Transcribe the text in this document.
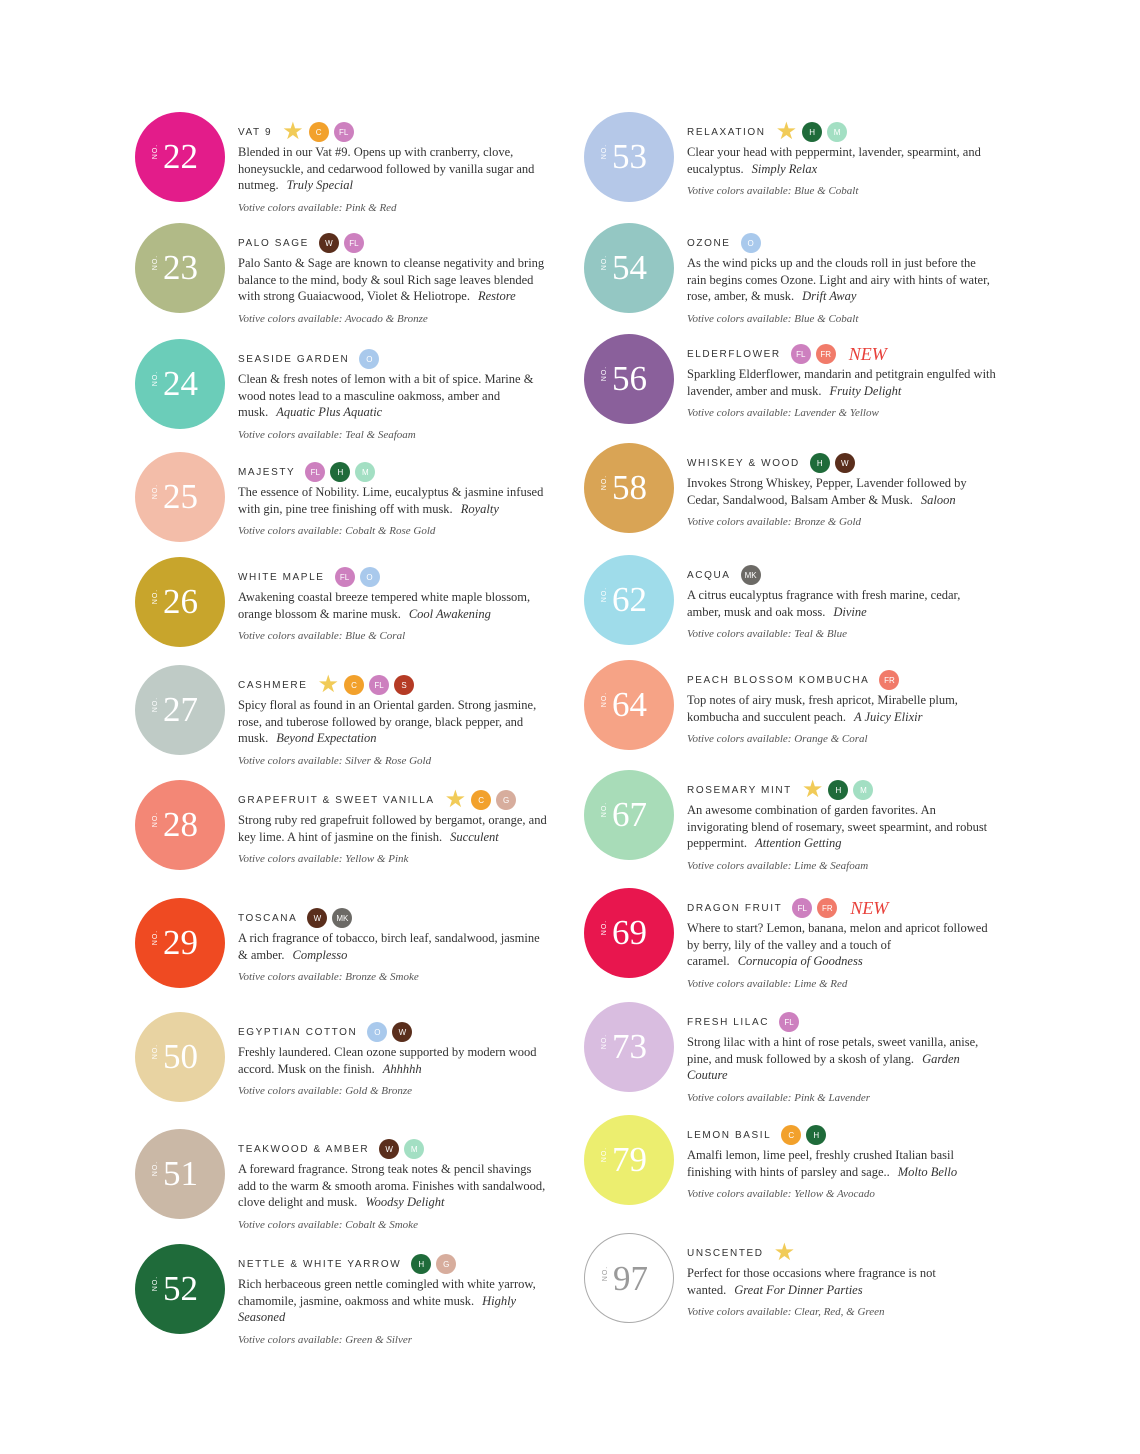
NO. 22
VAT 9 ★	C	FL
Blended in our Vat #9. Opens up with cranberry, clove, honeysuckle, and cedarwood followed by vanilla sugar and nutmeg. Truly Special
Votive colors available: Pink & Red
NO. 23
PALO SAGE	W	FL
Palo Santo & Sage are known to cleanse negativity and bring balance to the mind, body & soul Rich sage leaves blended with strong Guaiacwood, Violet & Heliotrope. Restore
Votive colors available: Avocado & Bronze
NO. 24
SEASIDE GARDEN	O
Clean & fresh notes of lemon with a bit of spice. Marine & wood notes lead to a masculine oakmoss, amber and musk. Aquatic Plus Aquatic
Votive colors available: Teal & Seafoam
NO. 25
MAJESTY	FL	H	M
The essence of Nobility. Lime, eucalyptus & jasmine infused with gin, pine tree finishing off with musk. Royalty
Votive colors available: Cobalt & Rose Gold
NO. 26
WHITE MAPLE	FL	O
Awakening coastal breeze tempered white maple blossom, orange blossom & marine musk. Cool Awakening
Votive colors available: Blue & Coral
NO. 27
CASHMERE ★	C	FL	S
Spicy floral as found in an Oriental garden. Strong jasmine, rose, and tuberose followed by orange, black pepper, and musk. Beyond Expectation
Votive colors available: Silver & Rose Gold
NO. 28
GRAPEFRUIT & SWEET VANILLA ★	C	G
Strong ruby red grapefruit followed by bergamot, orange, and key lime. A hint of jasmine on the finish. Succulent
Votive colors available: Yellow & Pink
NO. 29
TOSCANA	W	MK
A rich fragrance of tobacco, birch leaf, sandalwood, jasmine & amber. Complesso
Votive colors available: Bronze & Smoke
NO. 50
EGYPTIAN COTTON	O	W
Freshly laundered. Clean ozone supported by modern wood accord. Musk on the finish. Ahhhhh
Votive colors available: Gold & Bronze
NO. 51
TEAKWOOD & AMBER	W	M
A foreward fragrance. Strong teak notes & pencil shavings add to the warm & smooth aroma. Finishes with sandalwood, clove delight and musk. Woodsy Delight
Votive colors available: Cobalt & Smoke
NO. 52
NETTLE & WHITE YARROW	H	G
Rich herbaceous green nettle comingled with white yarrow, chamomile, jasmine, oakmoss and white musk. Highly Seasoned
Votive colors available: Green & Silver
NO. 53
RELAXATION ★	H	M
Clear your head with peppermint, lavender, spearmint, and eucalyptus. Simply Relax
Votive colors available: Blue & Cobalt
NO. 54
OZONE	O
As the wind picks up and the clouds roll in just before the rain begins comes Ozone. Light and airy with hints of water, rose, amber, & musk. Drift Away
Votive colors available: Blue & Cobalt
NO. 56
ELDERFLOWER	FL	FR NEW
Sparkling Elderflower, mandarin and petitgrain engulfed with lavender, amber and musk. Fruity Delight
Votive colors available: Lavender & Yellow
NO. 58
WHISKEY & WOOD	H	W
Invokes Strong Whiskey, Pepper, Lavender followed by Cedar, Sandalwood, Balsam Amber & Musk. Saloon
Votive colors available: Bronze & Gold
NO. 62
ACQUA	MK
A citrus eucalyptus fragrance with fresh marine, cedar, amber, musk and oak moss. Divine
Votive colors available: Teal & Blue
NO. 64
PEACH BLOSSOM KOMBUCHA	FR
Top notes of airy musk, fresh apricot, Mirabelle plum, kombucha and succulent peach. A Juicy Elixir
Votive colors available: Orange & Coral
NO. 67
ROSEMARY MINT ★	H	M
An awesome combination of garden favorites. An invigorating blend of rosemary, sweet spearmint, and robust peppermint. Attention Getting
Votive colors available: Lime & Seafoam
NO. 69
DRAGON FRUIT	FL	FR NEW
Where to start? Lemon, banana, melon and apricot followed by berry, lily of the valley and a touch of caramel. Cornucopia of Goodness
Votive colors available: Lime & Red
NO. 73
FRESH LILAC	FL
Strong lilac with a hint of rose petals, sweet vanilla, anise, pine, and musk followed by a skosh of ylang. Garden Couture
Votive colors available: Pink & Lavender
NO. 79
LEMON BASIL	C	H
Amalfi lemon, lime peel, freshly crushed Italian basil finishing with hints of parsley and sage.. Molto Bello
Votive colors available: Yellow & Avocado
NO. 97
UNSCENTED ★
Perfect for those occasions where fragrance is not wanted. Great For Dinner Parties
Votive colors available: Clear, Red, & Green
